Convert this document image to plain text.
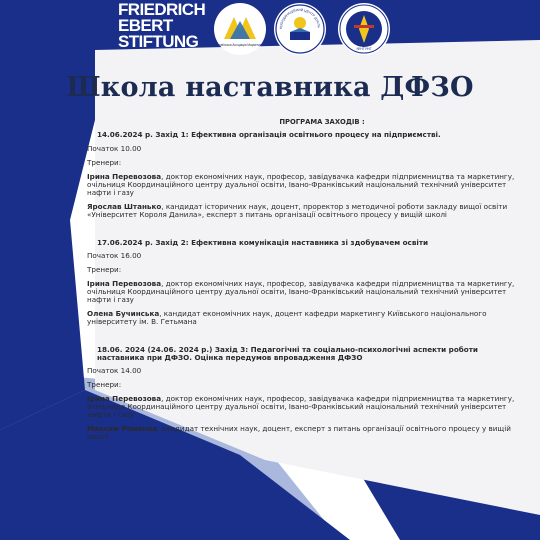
FRIEDRICH
EBERT
STIFTUNG	Українська Асоціація Маркетингу
КООРДИНАЦІЙНИЙ ЦЕНТР ДУАЛЬ
ІФНТУНГ
Школа наставника ДФЗО
ПРОГРАМА ЗАХОДІВ :
14.06.2024 р. Захід 1: Ефективна організація освітнього процесу на підприємстві.
Початок 10.00
Тренери:
Ірина Перевозова, доктор економічних наук, професор, завідувачка кафедри підприємництва та маркетингу, очільниця Координаційного центру дуальної освіти, Івано-Франківський національний технічний університет нафти і газу
Ярослав Штанько, кандидат історичних наук, доцент, проректор з методичної роботи закладу вищої освіти «Університет Короля Данила», експерт з питань організації освітнього процесу у вищій школі
17.06.2024 р. Захід 2: Ефективна комунікація наставника зі здобувачем освіти
Початок 16.00
Тренери:
Ірина Перевозова, доктор економічних наук, професор, завідувачка кафедри підприємництва та маркетингу, очільниця Координаційного центру дуальної освіти, Івано-Франківський національний технічний університет нафти і газу
Олена Бучинська, кандидат економічних наук, доцент кафедри маркетингу Київського національного університету ім. В. Гетьмана
18.06. 2024 (24.06. 2024 р.) Захід 3: Педагогічні та соціально-психологічні аспекти роботи наставника при ДФЗО. Оцінка передумов впровадження ДФЗО
Початок 14.00
Тренери:
Ірина Перевозова, доктор економічних наук, професор, завідувачка кафедри підприємництва та маркетингу, очільниця Координаційного центру дуальної освіти, Івано-Франківський національний технічний університет нафти і газу
Максим Романов, кандидат технічних наук, доцент, експерт з питань організації освітнього процесу у вищій школі
